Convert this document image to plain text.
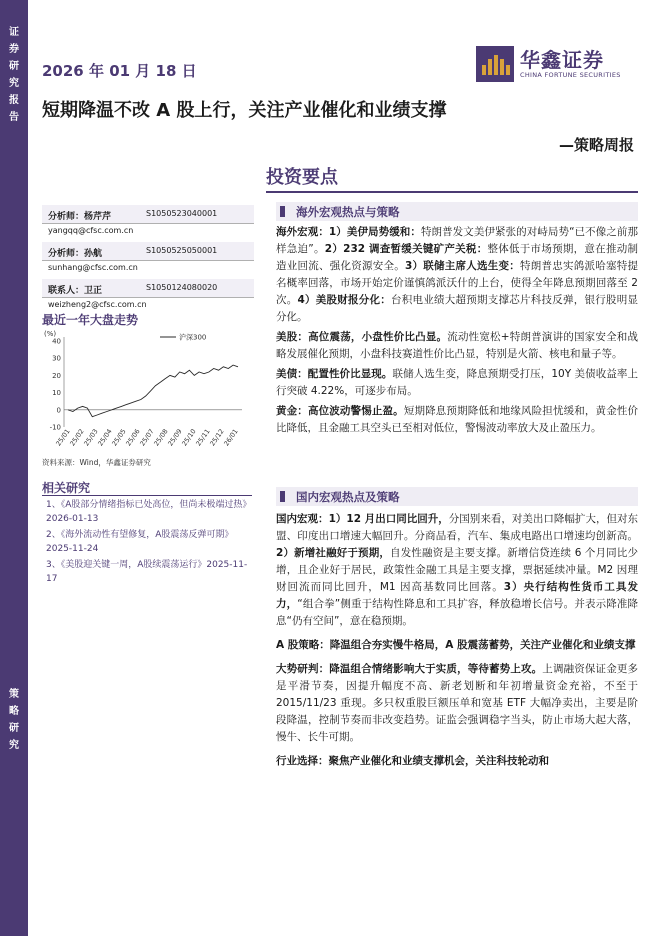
证
券
研
究
报
告
策
略
研
究
2026 年 01 月 18 日	华鑫证券
CHINA FORTUNE SECURITIES
短期降温不改 A 股上行，关注产业催化和业绩支撑
—策略周报
投资要点
分析师：杨芹芹	S1050523040001
yangqq@cfsc.com.cn
分析师：孙航	S1050525050001
sunhang@cfsc.com.cn
联系人：卫正	S1050124080020
weizheng2@cfsc.com.cn
最近一年大盘走势
(%)
40
30
20
10
0
-10
25/01
25/02
25/03
25/04
25/05
25/06
25/07
25/08
25/09
25/10
25/11
25/12
26/01
沪深300
资料来源：Wind，华鑫证券研究
相关研究
1、《A股部分情绪指标已处高位，但尚未极端过热》2026-01-13
2、《海外流动性有望修复，A股震荡反弹可期》2025-11-24
3、《美股迎关键一周，A股续震荡运行》2025-11-17
海外宏观热点与策略

海外宏观：1）美伊局势缓和：特朗普发文美伊紧张的对峙局势“已不像之前那样急迫”。2）232 调查暂缓关键矿产关税：整体低于市场预期，意在推动制造业回流、强化资源安全。3）联储主席人选生变：特朗普忠实鸽派哈塞特提名概率回落，市场开始定价谨慎鸽派沃什的上台，使得全年降息预期回落至 2 次。4）美股财报分化：台积电业绩大超预期支撑芯片科技反弹，银行股明显分化。

美股：高位震荡，小盘性价比凸显。流动性宽松+特朗普演讲的国家安全和战略发展催化预期，小盘科技赛道性价比凸显，特别是火箭、核电和量子等。

美债：配置性价比显现。联储人选生变，降息预期受打压，10Y 美债收益率上行突破 4.22%，可逐步布局。

黄金：高位波动警惕止盈。短期降息预期降低和地缘风险担忧缓和，黄金性价比降低，且金融工具空头已至相对低位，警惕波动率放大及止盈压力。

国内宏观热点及策略

国内宏观：1）12 月出口同比回升，分国别来看，对美出口降幅扩大，但对东盟、印度出口增速大幅回升。分商品看，汽车、集成电路出口增速均创新高。2）新增社融好于预期，自发性融资是主要支撑。新增信贷连续 6 个月同比少增，且企业好于居民，政策性金融工具是主要支撑，票据延续冲量。M2 因理财回流而同比回升，M1 因高基数同比回落。3）央行结构性货币工具发力，“组合拳”侧重于结构性降息和工具扩容，释放稳增长信号。并表示降准降息“仍有空间”，意在稳预期。

A 股策略：降温组合夯实慢牛格局，A 股震荡蓄势，关注产业催化和业绩支撑

大势研判：降温组合情绪影响大于实质，等待蓄势上攻。上调融资保证金更多是平滑节奏，因提升幅度不高、新老划断和年初增量资金充裕，不至于 2015/11/23 重现。多只权重股巨额压单和宽基 ETF 大幅净卖出，主要是阶段降温，控制节奏而非改变趋势。证监会强调稳字当头，防止市场大起大落，慢牛、长牛可期。

行业选择：聚焦产业催化和业绩支撑机会，关注科技轮动和
